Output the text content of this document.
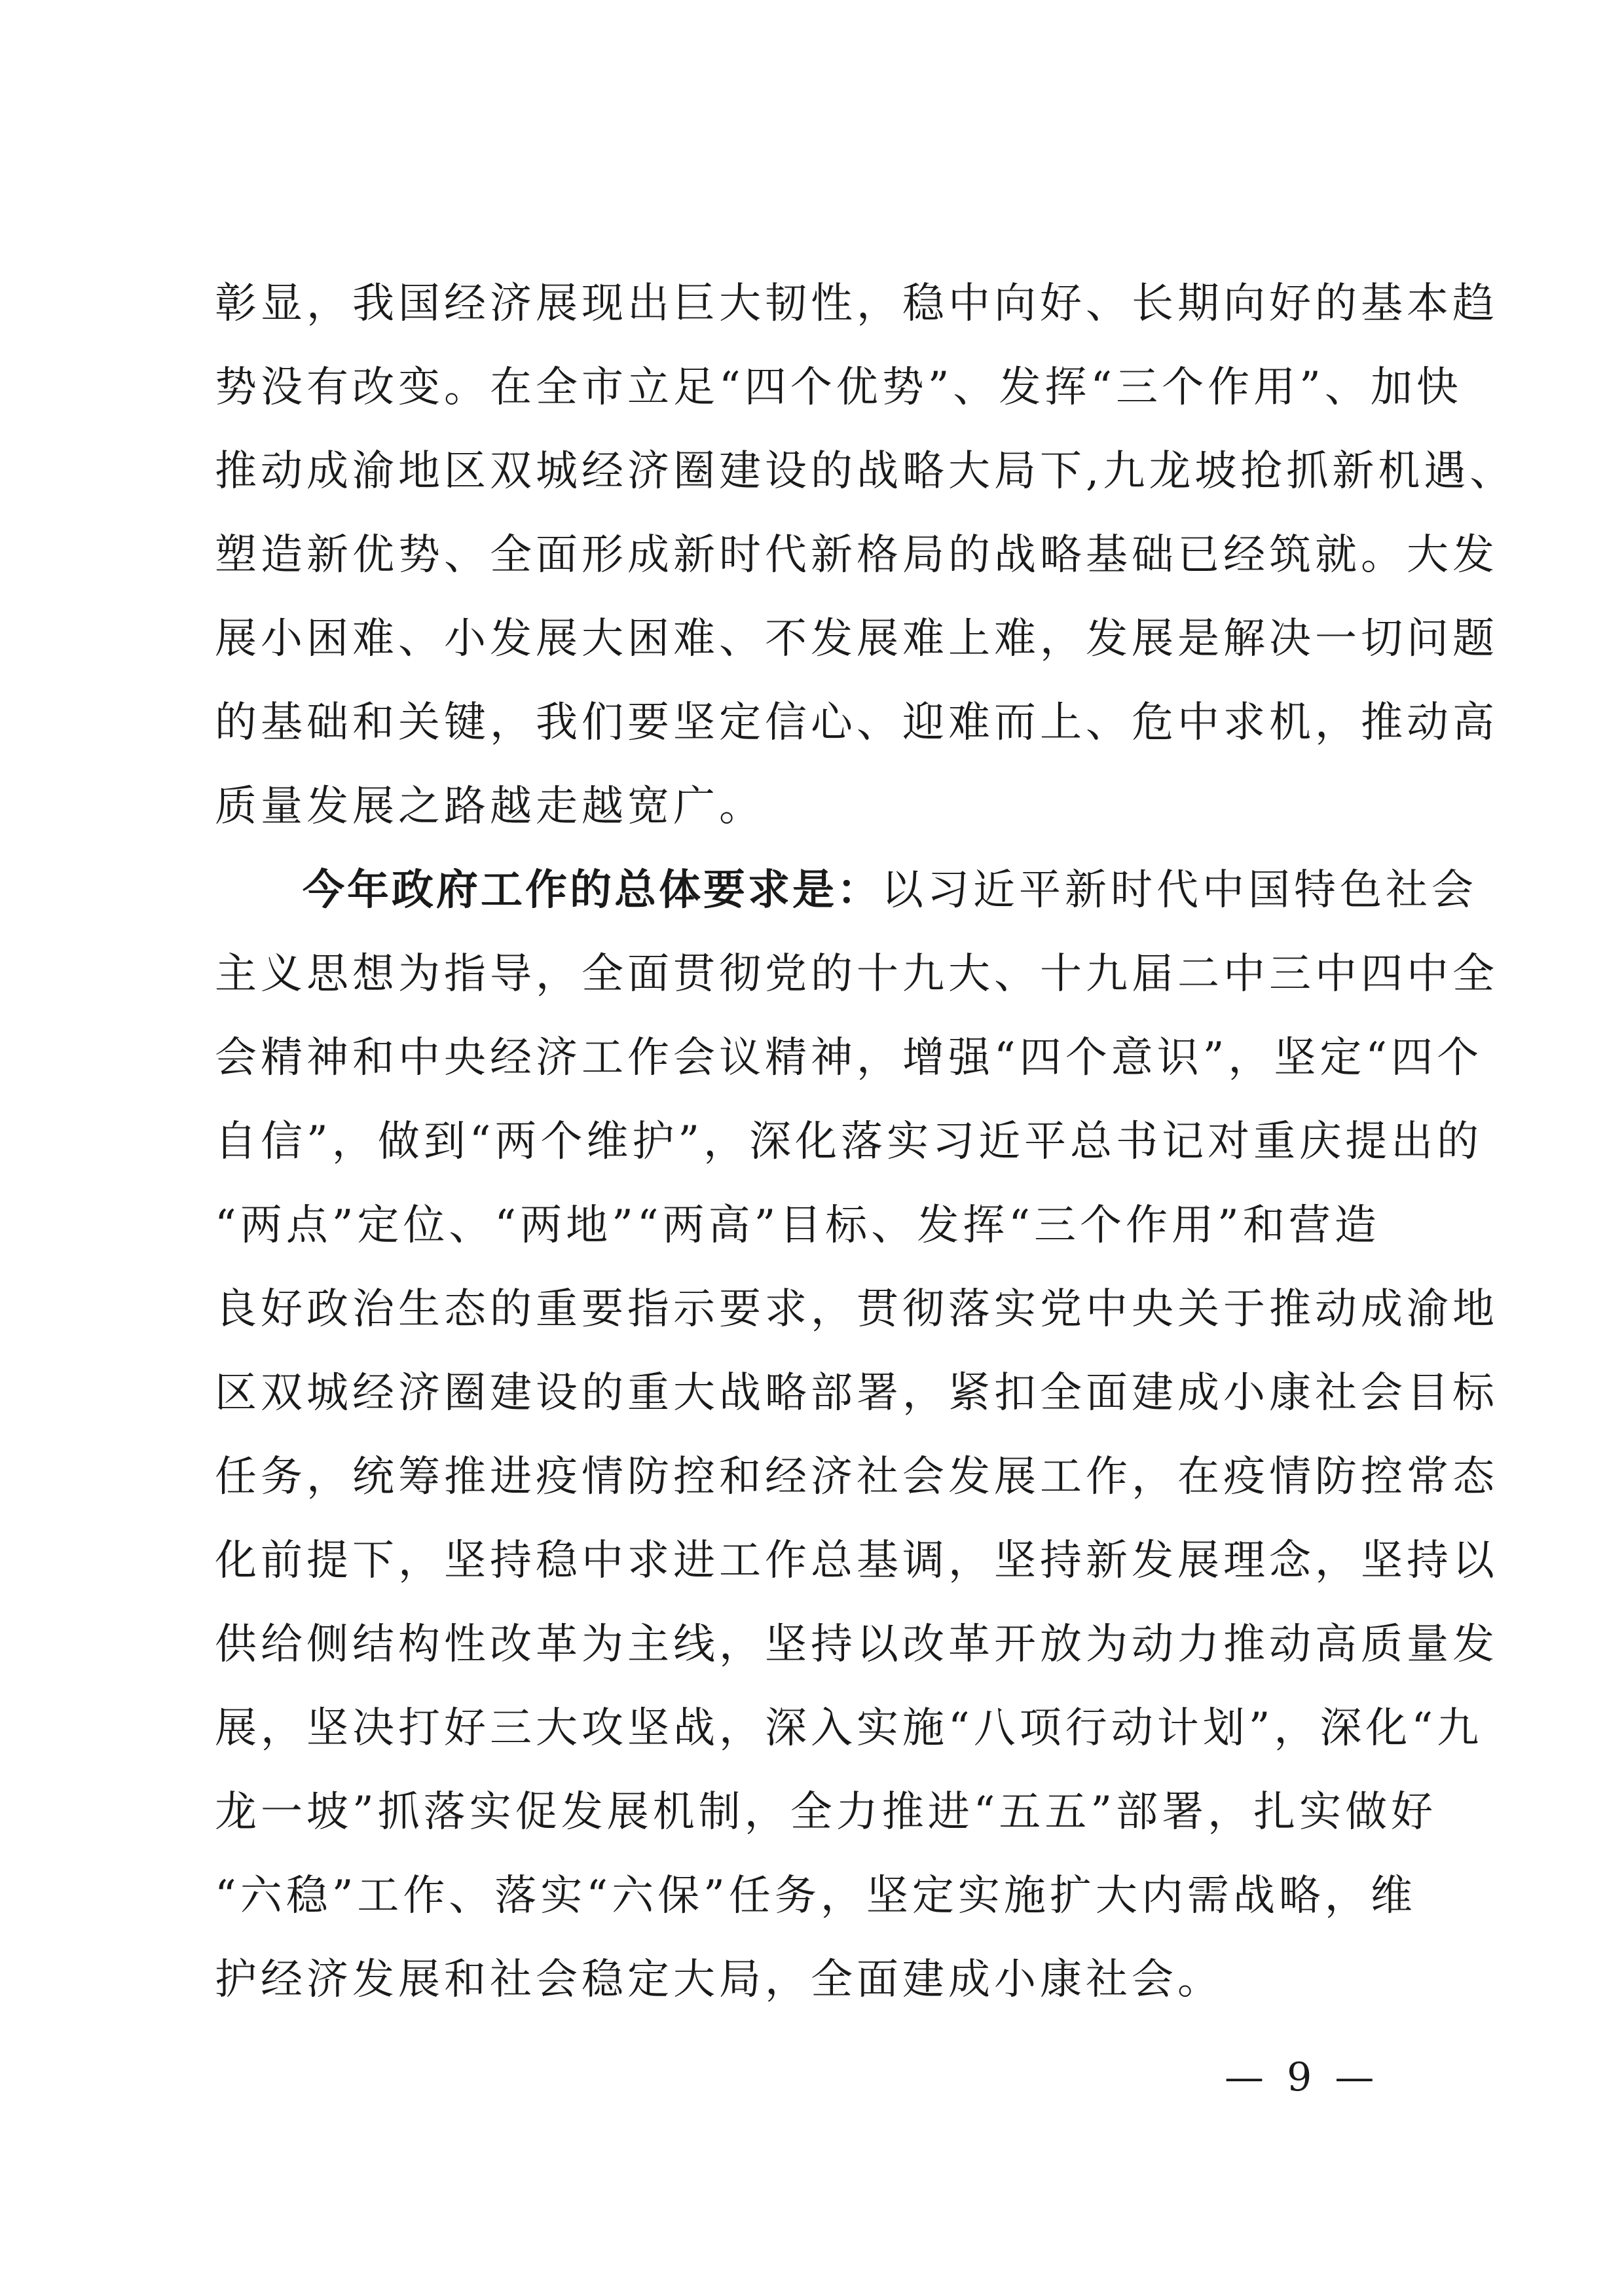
彰显，我国经济展现出巨大韧性，稳中向好、长期向好的基本趋
势没有改变。在全市立足“四个优势”、发挥“三个作用”、加快
推动成渝地区双城经济圈建设的战略大局下,九龙坡抢抓新机遇、
塑造新优势、全面形成新时代新格局的战略基础已经筑就。大发
展小困难、小发展大困难、不发展难上难，发展是解决一切问题
的基础和关键，我们要坚定信心、迎难而上、危中求机，推动高
质量发展之路越走越宽广。
今年政府工作的总体要求是：以习近平新时代中国特色社会
主义思想为指导，全面贯彻党的十九大、十九届二中三中四中全
会精神和中央经济工作会议精神，增强“四个意识”，坚定“四个
自信”，做到“两个维护”，深化落实习近平总书记对重庆提出的
“两点”定位、“两地”“两高”目标、发挥“三个作用”和营造
良好政治生态的重要指示要求，贯彻落实党中央关于推动成渝地
区双城经济圈建设的重大战略部署，紧扣全面建成小康社会目标
任务，统筹推进疫情防控和经济社会发展工作，在疫情防控常态
化前提下，坚持稳中求进工作总基调，坚持新发展理念，坚持以
供给侧结构性改革为主线，坚持以改革开放为动力推动高质量发
展，坚决打好三大攻坚战，深入实施“八项行动计划”，深化“九
龙一坡”抓落实促发展机制，全力推进“五五”部署，扎实做好
“六稳”工作、落实“六保”任务，坚定实施扩大内需战略，维
护经济发展和社会稳定大局，全面建成小康社会。
— 9 —
